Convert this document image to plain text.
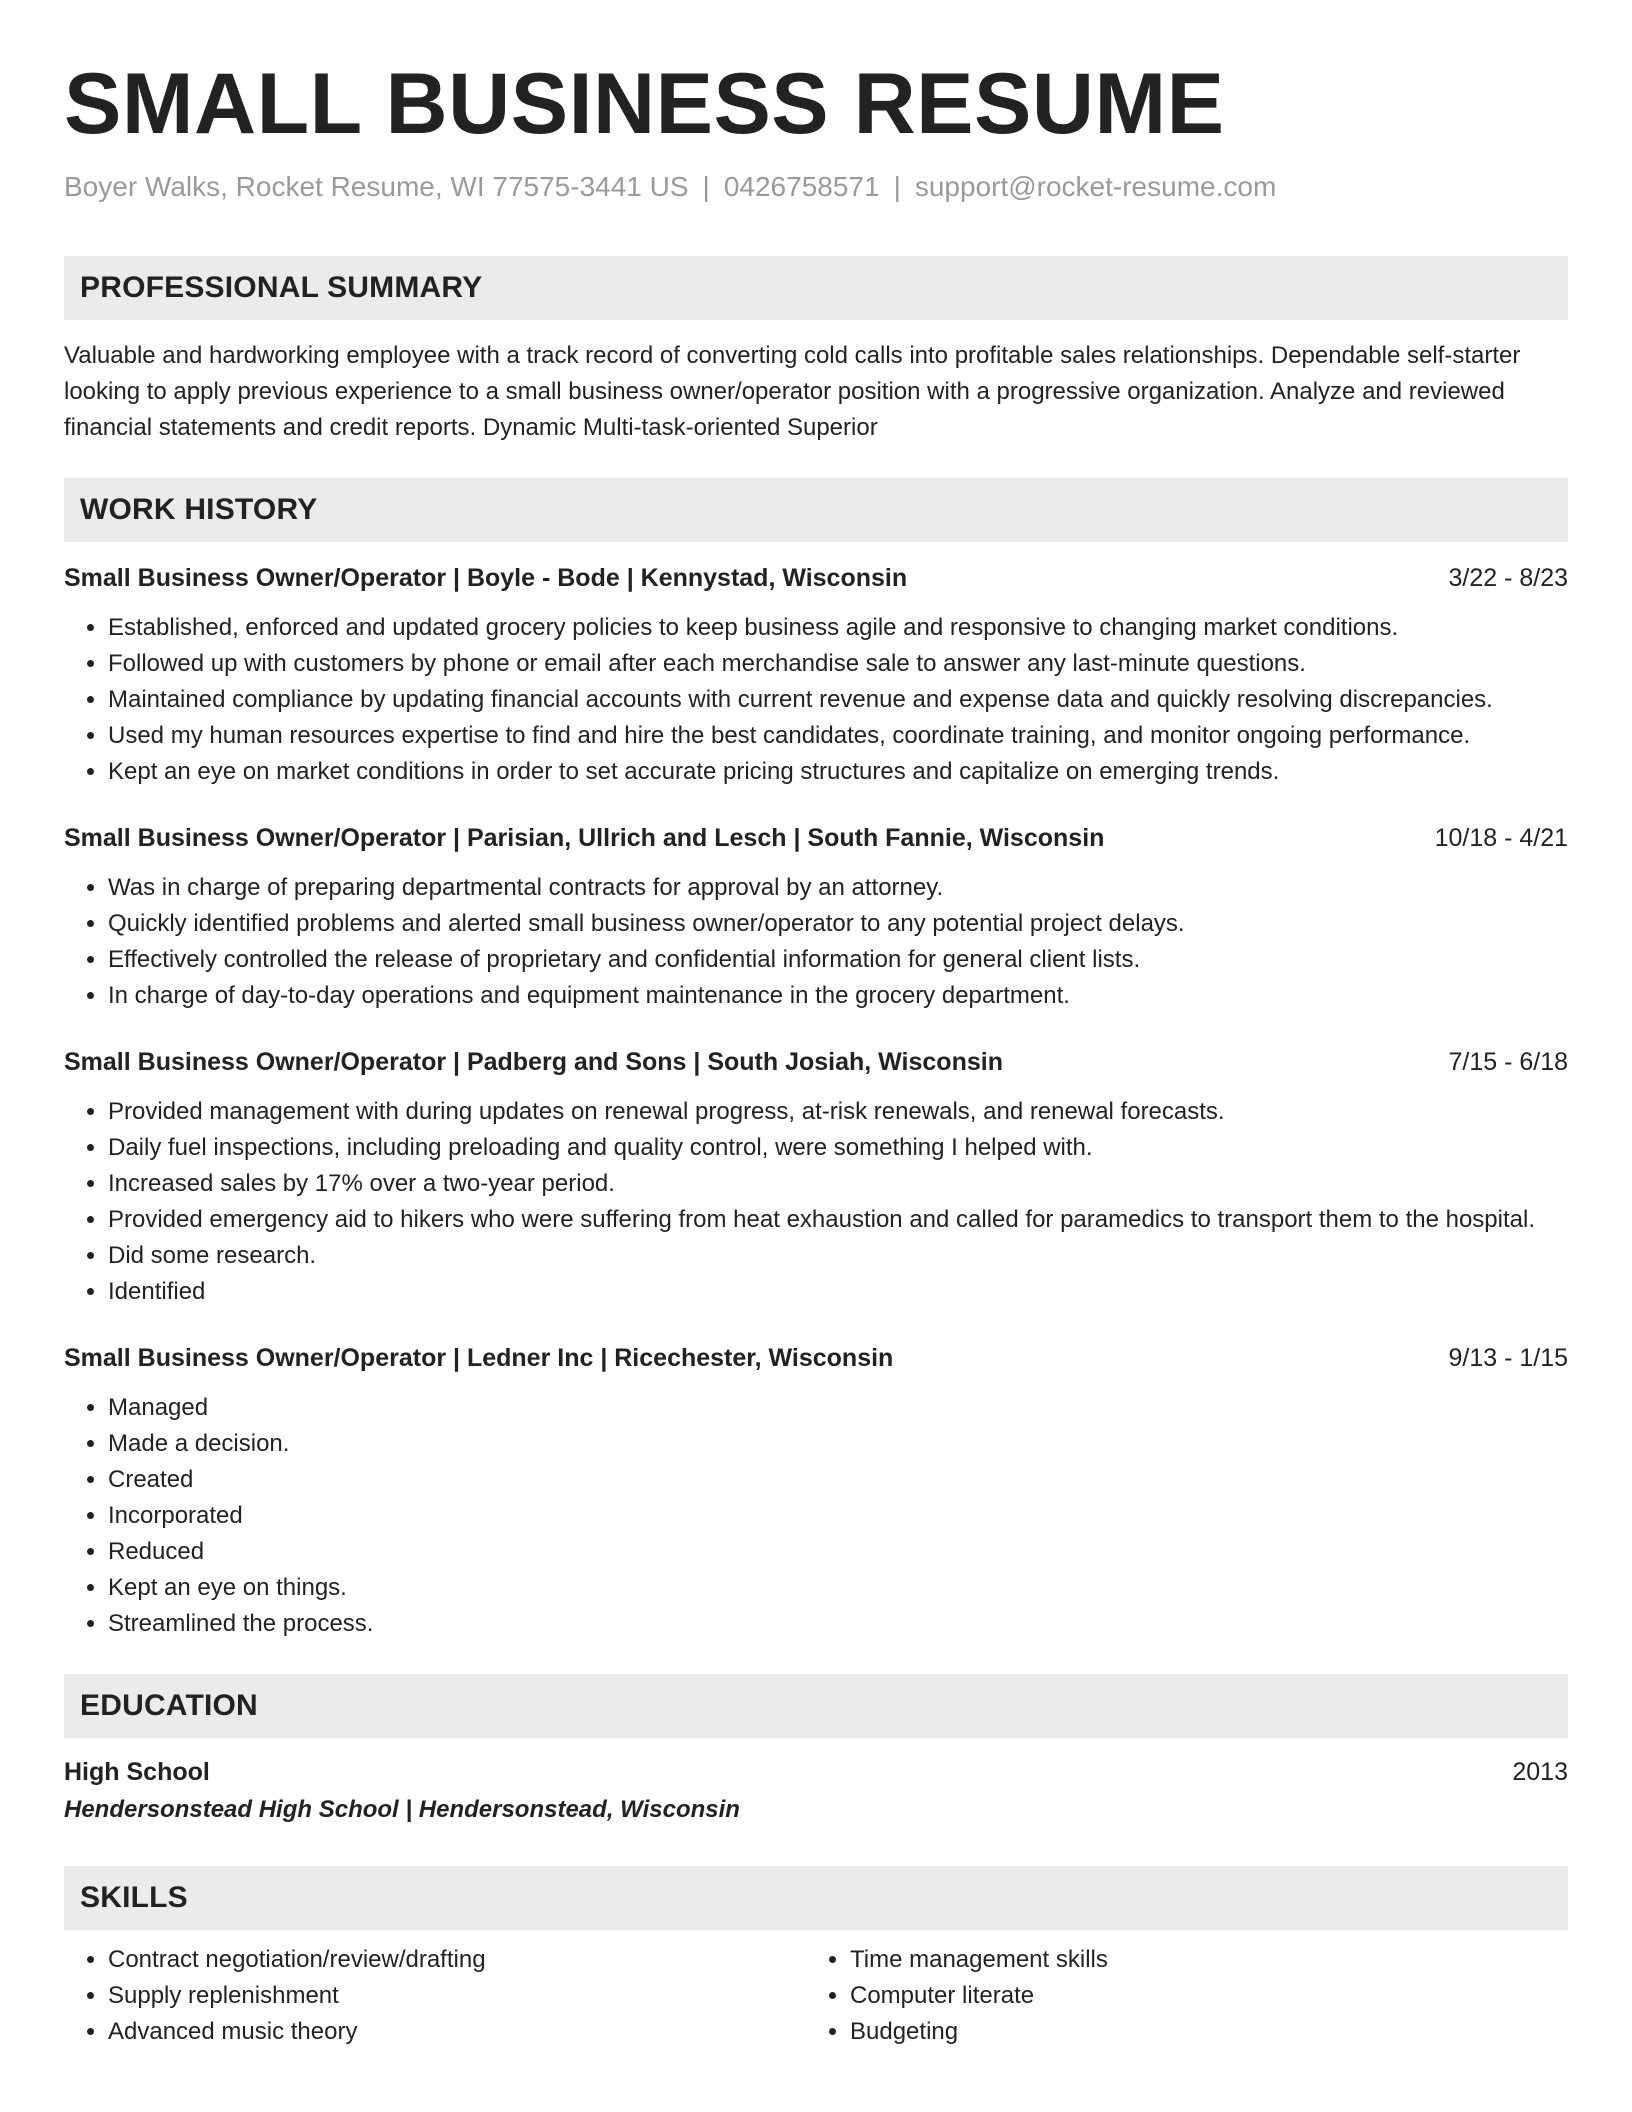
SMALL BUSINESS RESUME
Boyer Walks, Rocket Resume, WI 77575-3441 US | 0426758571 | support@rocket-resume.com
PROFESSIONAL SUMMARY
Valuable and hardworking employee with a track record of converting cold calls into profitable sales relationships. Dependable self-starter looking to apply previous experience to a small business owner/operator position with a progressive organization. Analyze and reviewed financial statements and credit reports. Dynamic Multi-task-oriented Superior
WORK HISTORY
Small Business Owner/Operator | Boyle - Bode | Kennystad, Wisconsin	3/22 - 8/23
• Established, enforced and updated grocery policies to keep business agile and responsive to changing market conditions.
• Followed up with customers by phone or email after each merchandise sale to answer any last-minute questions.
• Maintained compliance by updating financial accounts with current revenue and expense data and quickly resolving discrepancies.
• Used my human resources expertise to find and hire the best candidates, coordinate training, and monitor ongoing performance.
• Kept an eye on market conditions in order to set accurate pricing structures and capitalize on emerging trends.
Small Business Owner/Operator | Parisian, Ullrich and Lesch | South Fannie, Wisconsin	10/18 - 4/21
• Was in charge of preparing departmental contracts for approval by an attorney.
• Quickly identified problems and alerted small business owner/operator to any potential project delays.
• Effectively controlled the release of proprietary and confidential information for general client lists.
• In charge of day-to-day operations and equipment maintenance in the grocery department.
Small Business Owner/Operator | Padberg and Sons | South Josiah, Wisconsin	7/15 - 6/18
• Provided management with during updates on renewal progress, at-risk renewals, and renewal forecasts.
• Daily fuel inspections, including preloading and quality control, were something I helped with.
• Increased sales by 17% over a two-year period.
• Provided emergency aid to hikers who were suffering from heat exhaustion and called for paramedics to transport them to the hospital.
• Did some research.
• Identified
Small Business Owner/Operator | Ledner Inc | Ricechester, Wisconsin	9/13 - 1/15
• Managed
• Made a decision.
• Created
• Incorporated
• Reduced
• Kept an eye on things.
• Streamlined the process.
EDUCATION
High School	2013
Hendersonstead High School | Hendersonstead, Wisconsin
SKILLS
• Contract negotiation/review/drafting
• Supply replenishment
• Advanced music theory
• Time management skills
• Computer literate
• Budgeting
